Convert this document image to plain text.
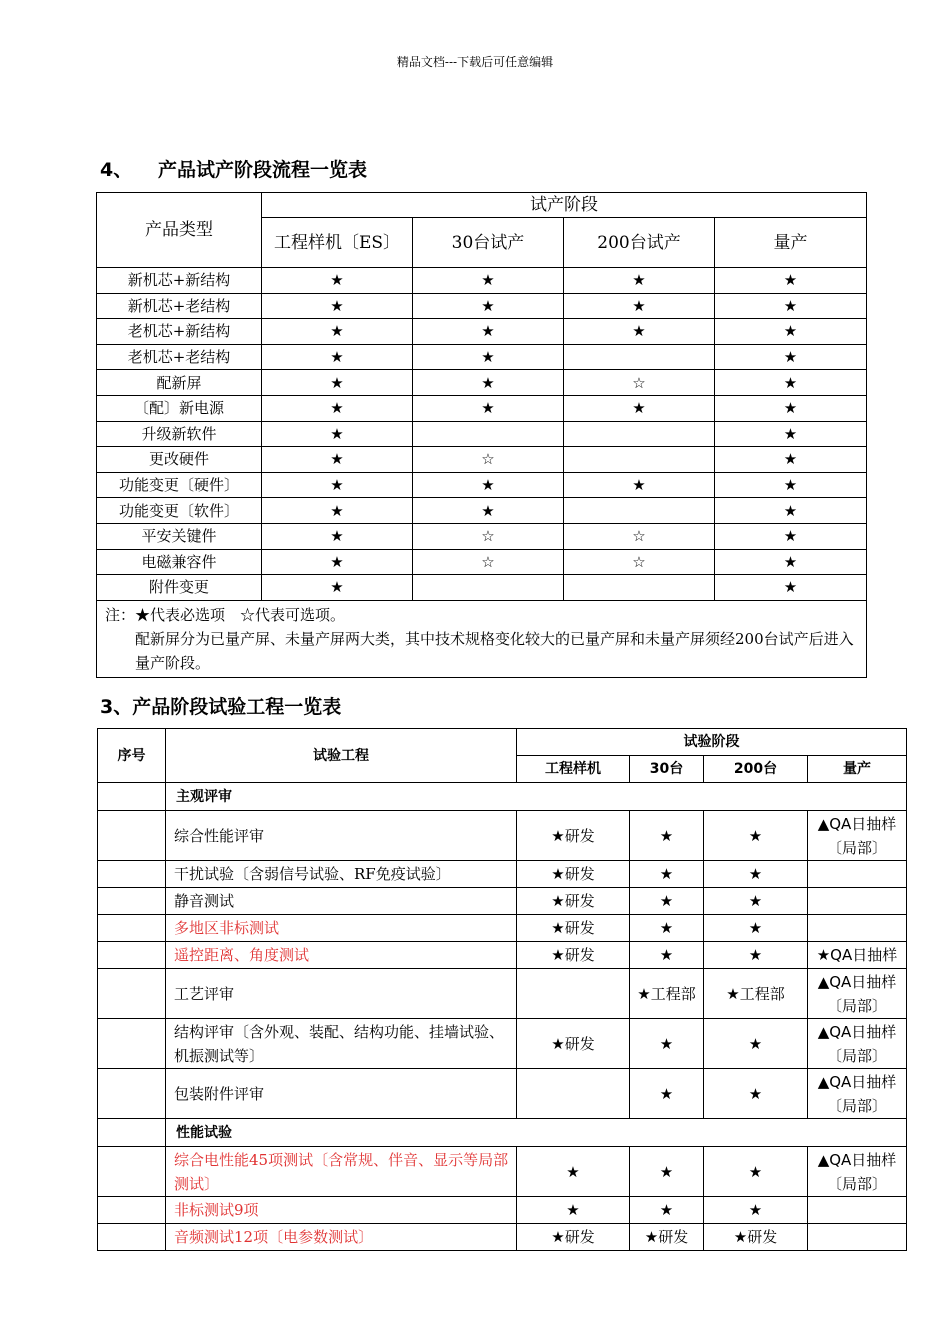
精品文档---下载后可任意编辑
4、 产品试产阶段流程一览表
产品类型	试产阶段			
	工程样机〔ES〕	30台试产	200台试产	量产
新机芯+新结构	★	★	★	★
新机芯+老结构	★	★	★	★
老机芯+新结构	★	★	★	★
老机芯+老结构	★	★		★
配新屏	★	★	☆	★
〔配〕新电源	★	★	★	★
升级新软件	★			★
更改硬件	★	☆		★
功能变更〔硬件〕	★	★	★	★
功能变更〔软件〕	★	★		★
平安关键件	★	☆	☆	★
电磁兼容件	★	☆	☆	★
附件变更	★			★

注：★代表必选项　☆代表可选项。
配新屏分为已量产屏、未量产屏两大类，其中技术规格变化较大的已量产屏和未量产屏须经200台试产后进入量产阶段。				
3、产品阶段试验工程一览表
序号	试验工程	试验阶段			
		工程样机	30台	200台	量产
	主观评审				
	综合性能评审	★研发	★	★	▲QA日抽样〔局部〕
	干扰试验〔含弱信号试验、RF免疫试验〕	★研发	★	★	
	静音测试	★研发	★	★	
	多地区非标测试	★研发	★	★	
	遥控距离、角度测试	★研发	★	★	★QA日抽样
	工艺评审		★工程部	★工程部	▲QA日抽样〔局部〕
	结构评审〔含外观、装配、结构功能、挂墙试验、机振测试等〕	★研发	★	★	▲QA日抽样〔局部〕
	包装附件评审		★	★	▲QA日抽样〔局部〕
	性能试验				
	综合电性能45项测试〔含常规、伴音、显示等局部测试〕	★	★	★	▲QA日抽样〔局部〕
	非标测试9项	★	★	★	
	音频测试12项〔电参数测试〕	★研发	★研发	★研发	
